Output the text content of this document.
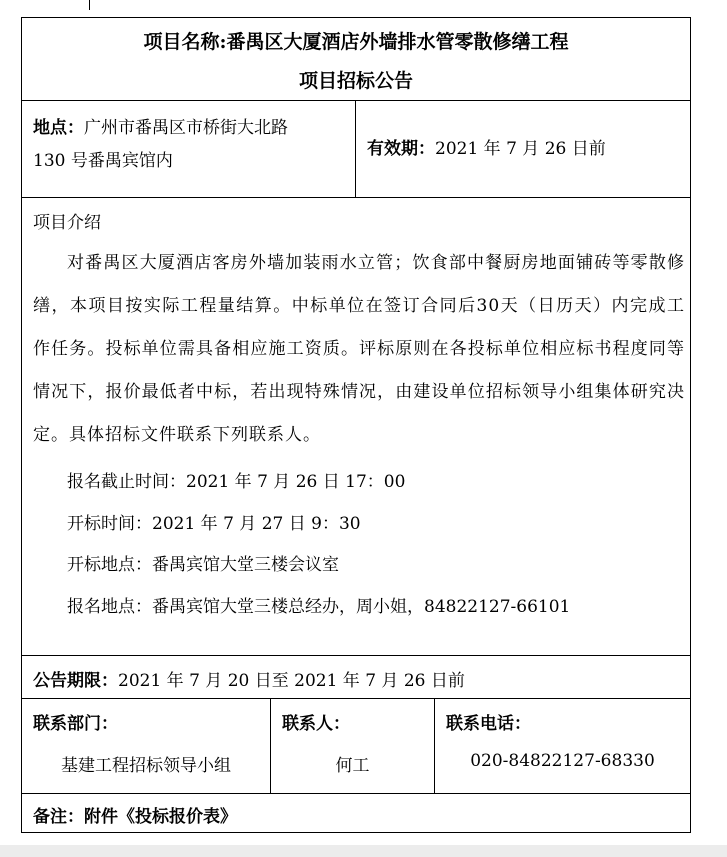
项目名称:番禺区大厦酒店外墙排水管零散修缮工程
项目招标公告
地点：广州市番禺区市桥街大北路
130 号番禺宾馆内
有效期：2021 年 7 月 26 日前
项目介绍
对番禺区大厦酒店客房外墙加装雨水立管；饮食部中餐厨房地面铺砖等零散修缮，本项目按实际工程量结算。中标单位在签订合同后30天（日历天）内完成工作任务。投标单位需具备相应施工资质。评标原则在各投标单位相应标书程度同等情况下，报价最低者中标，若出现特殊情况，由建设单位招标领导小组集体研究决定。具体招标文件联系下列联系人。
报名截止时间：2021 年 7 月 26 日 17：00
开标时间：2021 年 7 月 27 日 9：30
开标地点：番禺宾馆大堂三楼会议室
报名地点：番禺宾馆大堂三楼总经办，周小姐，84822127-66101
公告期限：2021 年 7 月 20 日至 2021 年 7 月 26 日前
联系部门：
基建工程招标领导小组
联系人：
何工
联系电话：
020-84822127-68330
备注：附件《投标报价表》
